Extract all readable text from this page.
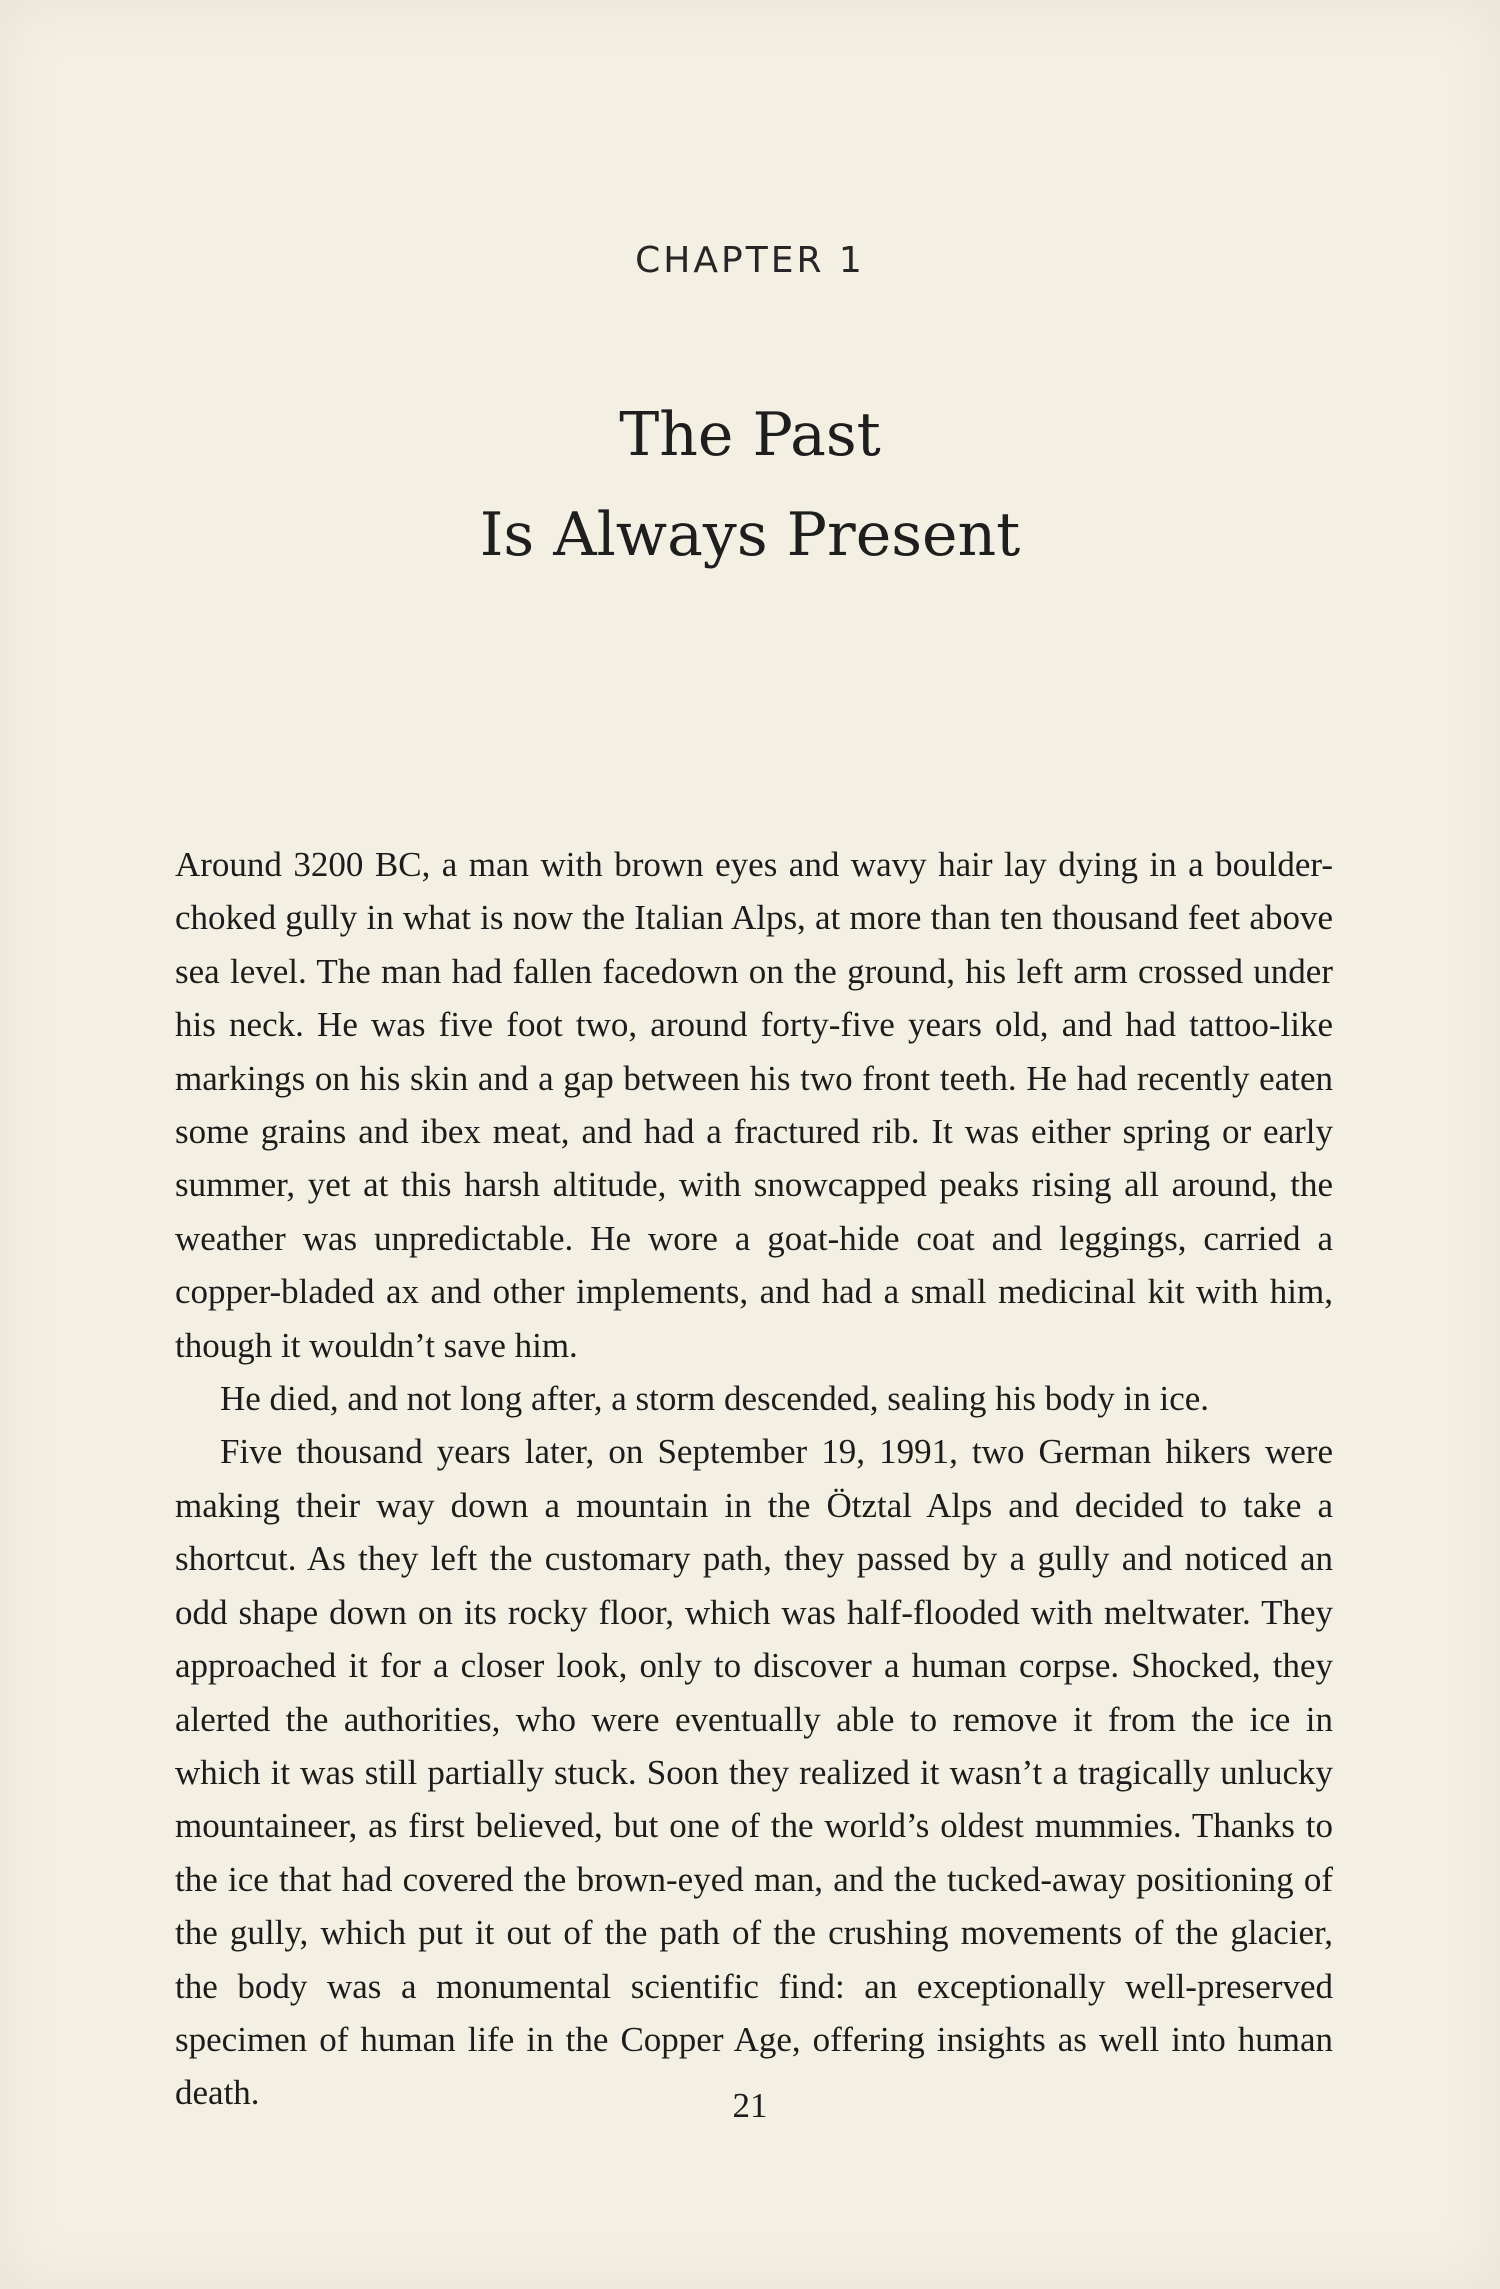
CHAPTER 1
The Past
Is Always Present

Around 3200 BC, a man with brown eyes and wavy hair lay dying in a boulder-choked gully in what is now the Italian Alps, at more than ten thousand feet above sea level. The man had fallen facedown on the ground, his left arm crossed under his neck. He was five foot two, around forty-five years old, and had tattoo-like markings on his skin and a gap between his two front teeth. He had recently eaten some grains and ibex meat, and had a fractured rib. It was either spring or early summer, yet at this harsh altitude, with snowcapped peaks rising all around, the weather was unpredictable. He wore a goat-hide coat and leggings, carried a copper-bladed ax and other implements, and had a small medicinal kit with him, though it wouldn’t save him.

He died, and not long after, a storm descended, sealing his body in ice.

Five thousand years later, on September 19, 1991, two German hikers were making their way down a mountain in the Ötztal Alps and decided to take a shortcut. As they left the customary path, they passed by a gully and noticed an odd shape down on its rocky floor, which was half-flooded with meltwater. They approached it for a closer look, only to discover a human corpse. Shocked, they alerted the authorities, who were eventually able to remove it from the ice in which it was still partially stuck. Soon they realized it wasn’t a tragically unlucky mountaineer, as first believed, but one of the world’s oldest mummies. Thanks to the ice that had covered the brown-eyed man, and the tucked-away positioning of the gully, which put it out of the path of the crushing movements of the glacier, the body was a monumental scientific find: an exceptionally well-preserved specimen of human life in the Copper Age, offering insights as well into human death.	21
